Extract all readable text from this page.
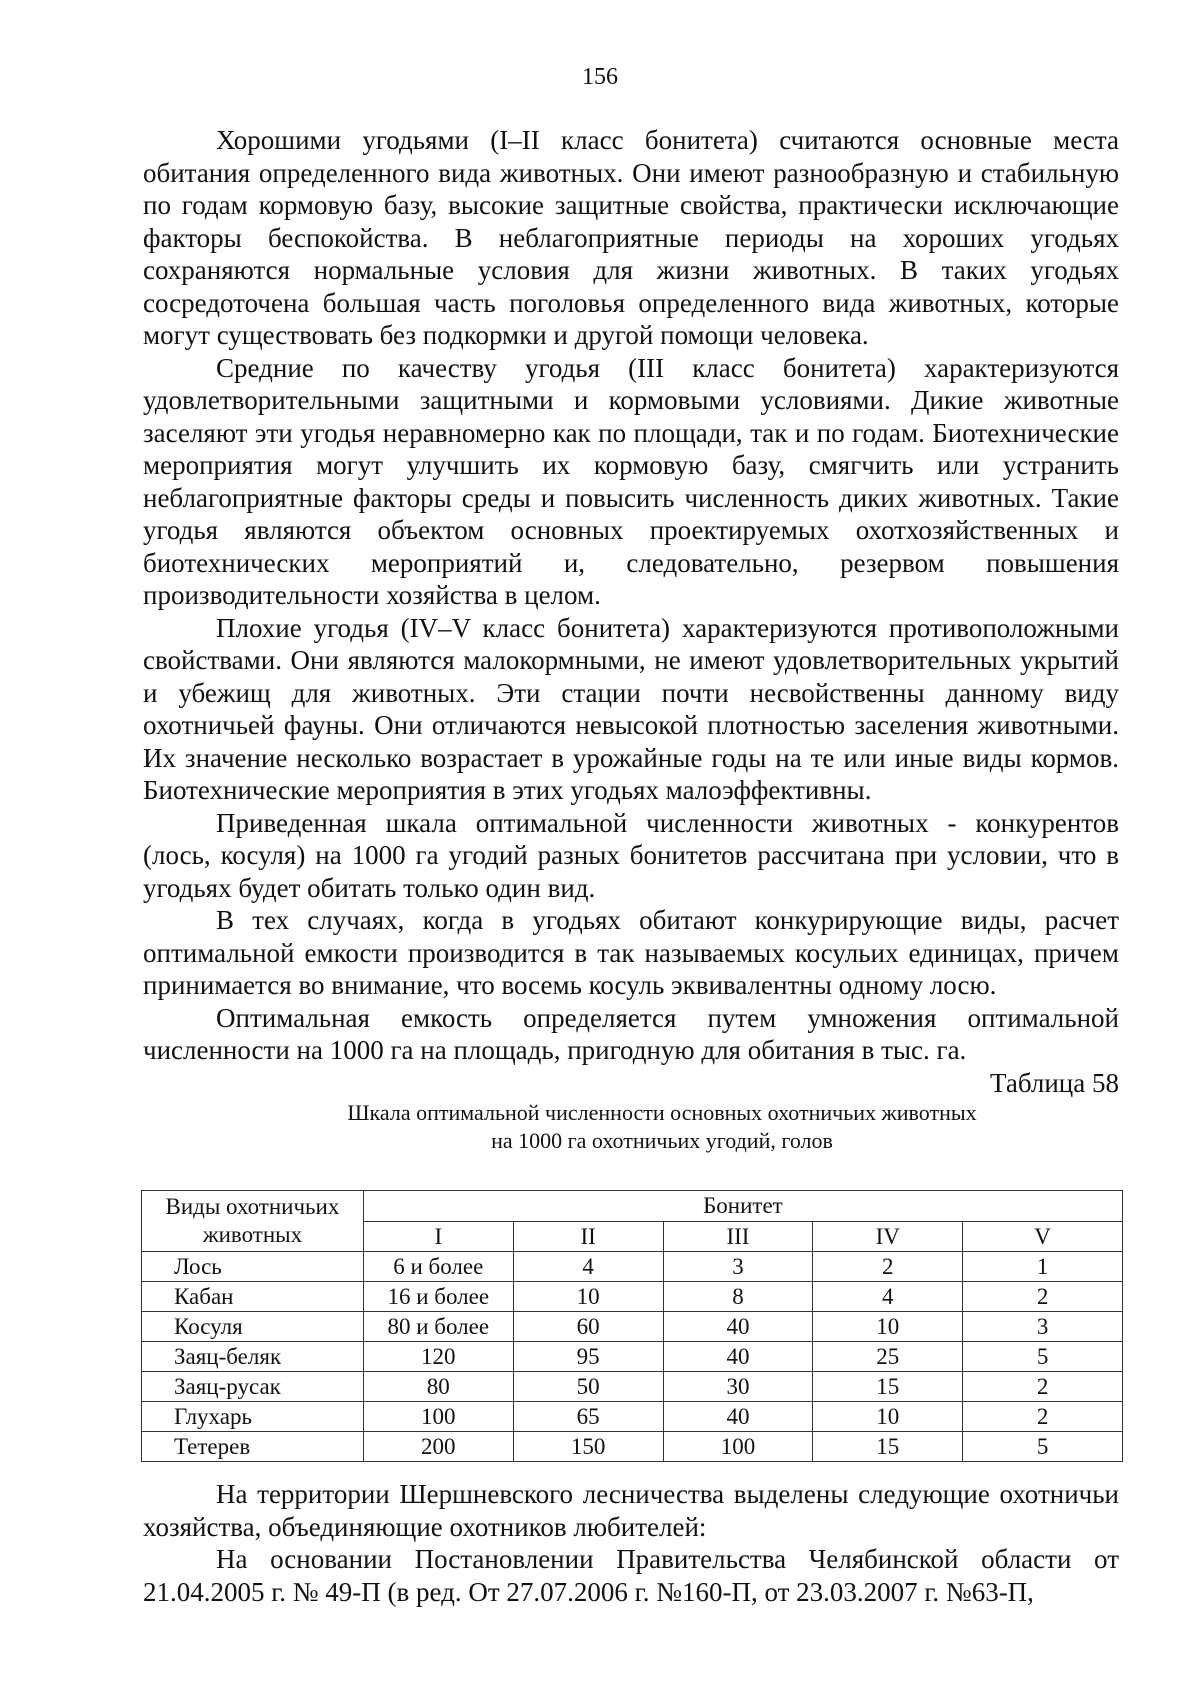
156

Хорошими угодьями (I–II класс бонитета) считаются основные места обитания определенного вида животных. Они имеют разнообразную и стабильную по годам кормовую базу, высокие защитные свойства, практически исключающие факторы беспокойства. В неблагоприятные периоды на хороших угодьях сохраняются нормальные условия для жизни животных. В таких угодьях сосредоточена большая часть поголовья определенного вида животных, которые могут существовать без подкормки и другой помощи человека.

Средние по качеству угодья (III класс бонитета) характеризуются удовлетворительными защитными и кормовыми условиями. Дикие животные заселяют эти угодья неравномерно как по площади, так и по годам. Биотехнические мероприятия могут улучшить их кормовую базу, смягчить или устранить неблагоприятные факторы среды и повысить численность диких животных. Такие угодья являются объектом основных проектируемых охотхозяйственных и биотехнических мероприятий и, следовательно, резервом повышения производительности хозяйства в целом.

Плохие угодья (IV–V класс бонитета) характеризуются противоположными свойствами. Они являются малокормными, не имеют удовлетворительных укрытий и убежищ для животных. Эти стации почти несвойственны данному виду охотничьей фауны. Они отличаются невысокой плотностью заселения животными. Их значение несколько возрастает в урожайные годы на те или иные виды кормов. Биотехнические мероприятия в этих угодьях малоэффективны.

Приведенная шкала оптимальной численности животных - конкурентов (лось, косуля) на 1000 га угодий разных бонитетов рассчитана при условии, что в угодьях будет обитать только один вид.

В тех случаях, когда в угодьях обитают конкурирующие виды, расчет оптимальной емкости производится в так называемых косульих единицах, причем принимается во внимание, что восемь косуль эквивалентны одному лосю.

Оптимальная емкость определяется путем умножения оптимальной численности на 1000 га на площадь, пригодную для обитания в тыс. га.

Таблица 58

Шкала оптимальной численности основных охотничьих животных

на 1000 га охотничьих угодий, голов

Виды охотничьих
животных	Бонитет				
	I	II	III	IV	V
Лось	6 и более	4	3	2	1
Кабан	16 и более	10	8	4	2
Косуля	80 и более	60	40	10	3
Заяц-беляк	120	95	40	25	5
Заяц-русак	80	50	30	15	2
Глухарь	100	65	40	10	2
Тетерев	200	150	100	15	5

На территории Шершневского лесничества выделены следующие охотничьи хозяйства, объединяющие охотников любителей:

На основании Постановлении Правительства Челябинской области от 21.04.2005 г. № 49-П (в ред. От 27.07.2006 г. №160-П, от 23.03.2007 г. №63-П,
